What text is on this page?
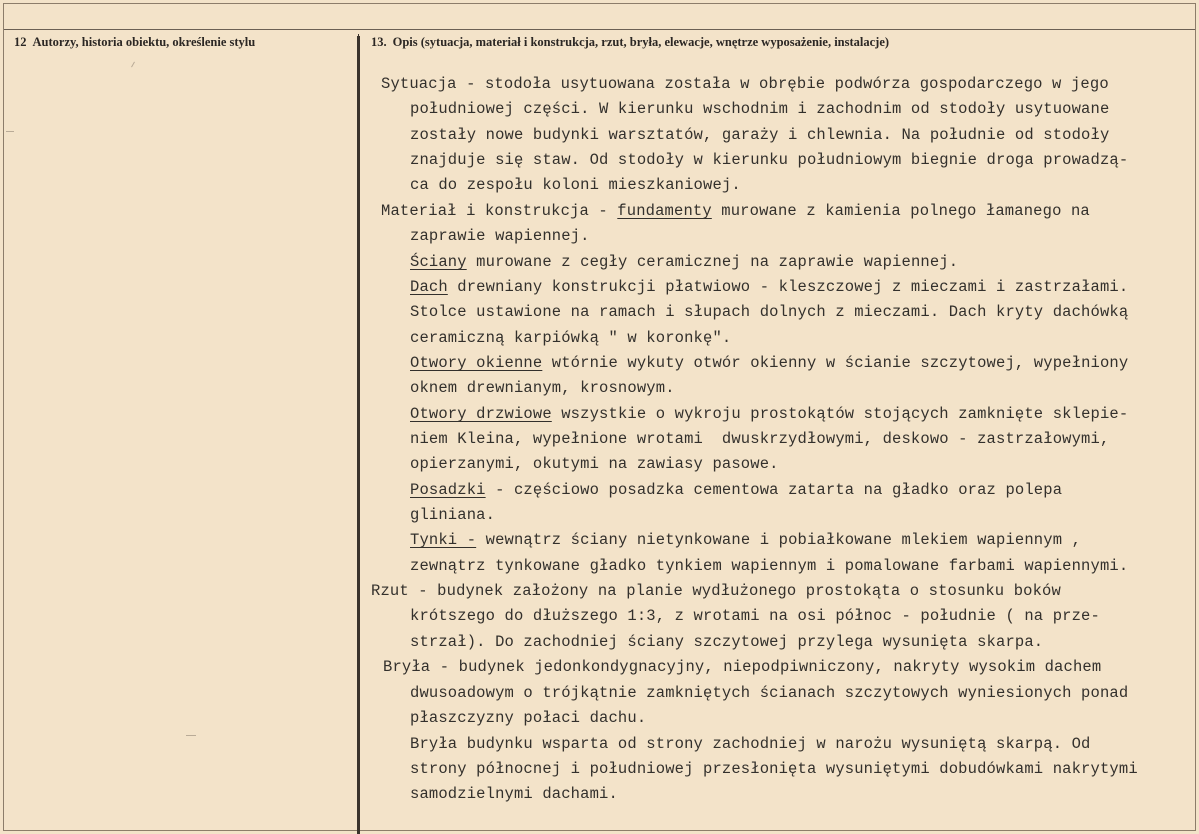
12 Autorzy, historia obiektu, określenie stylu	13. Opis (sytuacja, materiał i konstrukcja, rzut, bryła, elewacje, wnętrze wyposażenie, instalacje)
Sytuacja - stodoła usytuowana została w obrębie podwórza gospodarczego w jego
południowej części. W kierunku wschodnim i zachodnim od stodoły usytuowane
zostały nowe budynki warsztatów, garaży i chlewnia. Na południe od stodoły
znajduje się staw. Od stodoły w kierunku południowym biegnie droga prowadzą-
ca do zespołu koloni mieszkaniowej.
Materiał i konstrukcja - fundamenty murowane z kamienia polnego łamanego na
zaprawie wapiennej.
Ściany murowane z cegły ceramicznej na zaprawie wapiennej.
Dach drewniany konstrukcji płatwiowo - kleszczowej z mieczami i zastrzałami.
Stolce ustawione na ramach i słupach dolnych z mieczami. Dach kryty dachówką
ceramiczną karpiówką " w koronkę".
Otwory okienne wtórnie wykuty otwór okienny w ścianie szczytowej, wypełniony
oknem drewnianym, krosnowym.
Otwory drzwiowe wszystkie o wykroju prostokątów stojących zamknięte sklepie-
niem Kleina, wypełnione wrotami  dwuskrzydłowymi, deskowo - zastrzałowymi,
opierzanymi, okutymi na zawiasy pasowe.
Posadzki - częściowo posadzka cementowa zatarta na gładko oraz polepa
gliniana.
Tynki - wewnątrz ściany nietynkowane i pobiałkowane mlekiem wapiennym ,
zewnątrz tynkowane gładko tynkiem wapiennym i pomalowane farbami wapiennymi.
Rzut - budynek założony na planie wydłużonego prostokąta o stosunku boków
krótszego do dłuższego 1:3, z wrotami na osi północ - południe ( na prze-
strzał). Do zachodniej ściany szczytowej przylega wysunięta skarpa.
Bryła - budynek jedonkondygnacyjny, niepodpiwniczony, nakryty wysokim dachem
dwusoadowym o trójkątnie zamkniętych ścianach szczytowych wyniesionych ponad
płaszczyzny połaci dachu.
Bryła budynku wsparta od strony zachodniej w narożu wysuniętą skarpą. Od
strony północnej i południowej przesłonięta wysuniętymi dobudówkami nakrytymi
samodzielnymi dachami.
